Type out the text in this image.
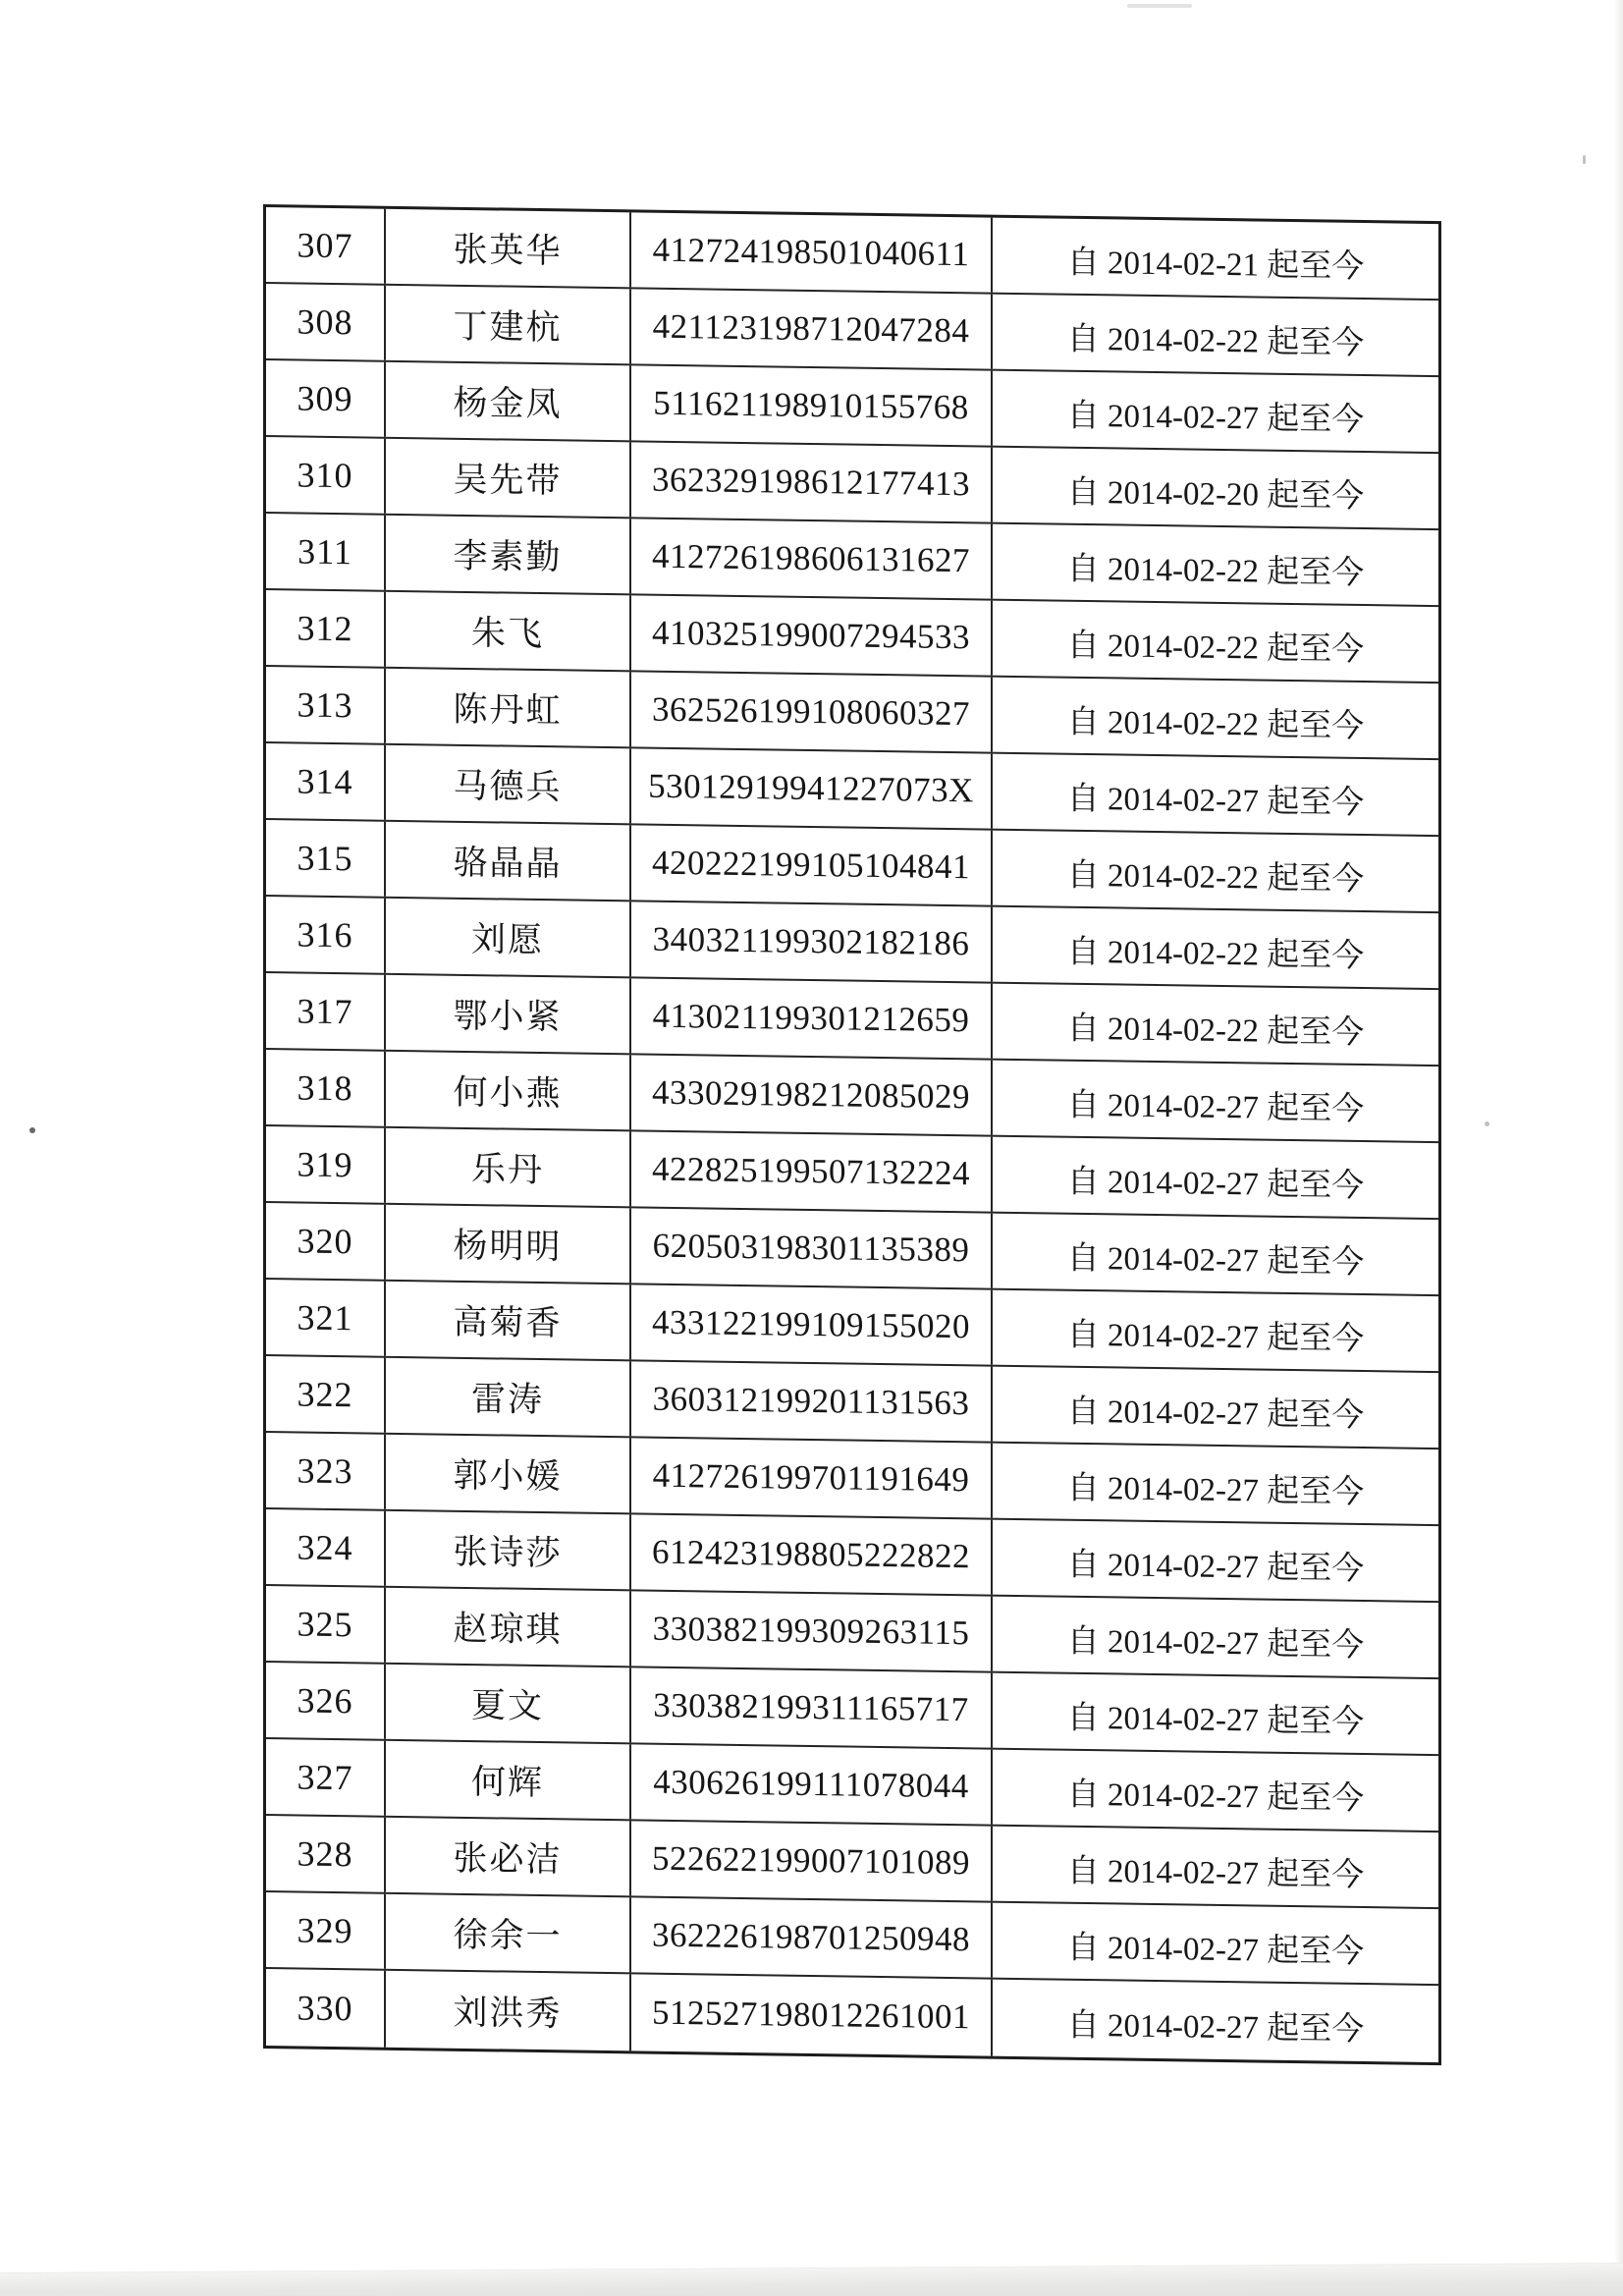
307	张英华	412724198501040611	自 2014-02-21 起至今
308	丁建杭	421123198712047284	自 2014-02-22 起至今
309	杨金凤	511621198910155768	自 2014-02-27 起至今
310	吴先带	362329198612177413	自 2014-02-20 起至今
311	李素勤	412726198606131627	自 2014-02-22 起至今
312	朱飞	410325199007294533	自 2014-02-22 起至今
313	陈丹虹	362526199108060327	自 2014-02-22 起至今
314	马德兵	53012919941227073X	自 2014-02-27 起至今
315	骆晶晶	420222199105104841	自 2014-02-22 起至今
316	刘愿	340321199302182186	自 2014-02-22 起至今
317	鄂小紧	413021199301212659	自 2014-02-22 起至今
318	何小燕	433029198212085029	自 2014-02-27 起至今
319	乐丹	422825199507132224	自 2014-02-27 起至今
320	杨明明	620503198301135389	自 2014-02-27 起至今
321	高菊香	433122199109155020	自 2014-02-27 起至今
322	雷涛	360312199201131563	自 2014-02-27 起至今
323	郭小媛	412726199701191649	自 2014-02-27 起至今
324	张诗莎	612423198805222822	自 2014-02-27 起至今
325	赵琼琪	330382199309263115	自 2014-02-27 起至今
326	夏文	330382199311165717	自 2014-02-27 起至今
327	何辉	430626199111078044	自 2014-02-27 起至今
328	张必洁	522622199007101089	自 2014-02-27 起至今
329	徐余一	362226198701250948	自 2014-02-27 起至今
330	刘洪秀	512527198012261001	自 2014-02-27 起至今
